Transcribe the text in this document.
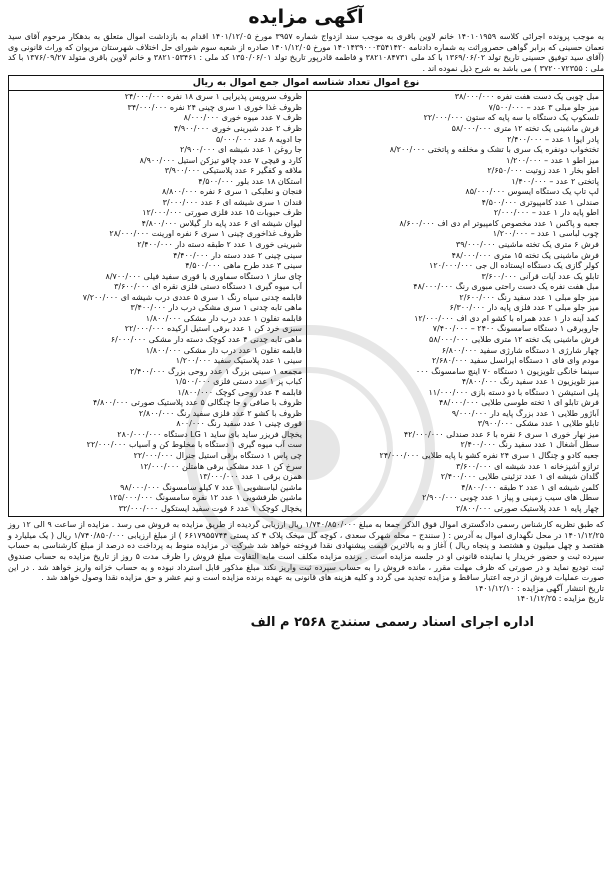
آگهی مزایده
به موجب پرونده اجرائی کلاسه ۱۴۰۱۰۱۹۵۹ خانم لاوین باقری به موجب سند ازدواج شماره ۳۹۵۷ مورخ ۱۴۰۱/۱۲/۰۵ اقدام به بازداشت اموال متعلق به بدهکار مرحوم آقای سید نعمان حسینی که برابر گواهی حصروراثت به شماره دادنامه ۱۴۰۱۴۳۹۰۰۰۳۵۴۱۴۲۰ مورخ ۱۴۰۱/۱۲/۰۵ صادره از شعبه سوم شورای حل اختلاف شهرستان مریوان که وراث قانونی وی (آقای سید توفیق حسینی تاریخ تولد ۱۳۶۹/۰۶/۰۲ با کد ملی ۳۸۲۱۰۸۴۷۳۱ و فاطمه قادرپور تاریخ تولد ۱۳۵۰/۰۶/۰۱ کد ملی : ۳۸۲۱۰۵۳۴۶۱ و خانم لاوین باقری متولد ۱۳۷۶/۰۹/۲۷ با کد ملی : ۳۷۲۰۰۷۲۳۵۵ ) می باشد به شرح ذیل نموده اند .
نوع اموال تعداد شناسه اموال جمع اموال به ریال
مبل چوبی یک دست هفت نفره ۳۸/۰۰۰/۰۰۰
میز جلو مبلی ۳ عدد – ۷/۵۰۰/۰۰۰
تلسکوپ یک دستگاه با سه پایه که ستون ۲۲/۰۰۰/۰۰۰
فرش ماشینی یک تخته ۱۲ متری ۵۸/۰۰۰/۰۰۰
پادر ایوا ۱ عدد – ۲/۴۰۰/۰۰۰
تختخواب دونفره یک سری با تشک و مخلفه و پاتختی ۸/۲۰۰/۰۰۰
میز اطو ۱ عدد – ۱/۲۰۰/۰۰۰
اطو بخار ۱ عدد زوتیت ۲/۶۵۰/۰۰۰
پاتختی ۲ عدد – ۱/۴۰۰/۰۰۰
لپ تاپ یک دستگاه ایسوس ۸۵/۰۰۰/۰۰۰
صندلی ۱ عدد کامپیوتری ۴/۵۰۰/۰۰۰
اطو پایه دار ۱ عدد – ۲/۰۰۰/۰۰۰
جعبه و پاکس ۱ عدد مخصوص کامپیوتر ام دی اف ۸/۶۰۰/۰۰۰
چوب لباسی ۱ عدد – ۱/۲۰۰/۰۰۰
فرش ۶ متری یک تخته ماشینی ۳۹/۰۰۰/۰۰۰
فرش ماشینی یک تخته ۱۵ متری ۴۸/۰۰۰/۰۰۰
کولر گازی یک دستگاه ایستاده ال جی ۱۲۰/۰۰۰/۰۰۰
تابلو یک عدد آیات قرآنی ۳/۶۰۰/۰۰۰
مبل هفت نفره یک دست راحتی مبوری رنگ ۴۸/۰۰۰/۰۰۰
میز جلو مبلی ۱ عدد سفید رنگ ۲/۶۰۰/۰۰۰
میز جلو مبلی ۲ عدد فلزی پایه دار ۶/۳۰۰/۰۰۰
کمد آینه دار ۱ عدد همراه با کشو ام دی اف ۱۲/۰۰۰/۰۰۰
جاروبرقی ۱ دستگاه سامسونگ ۲۴۰۰ – ۷/۴۰۰/۰۰۰
فرش ماشینی یک تخته ۱۲ متری طلایی ۵۸/۰۰۰/۰۰۰
چهار شارژی ۱ دستگاه شارژی سفید ۶/۸۰۰/۰۰۰
مودم وای فای ۱ دستگاه ایرانسل سفید ۲/۶۸۰/۰۰۰
سینما خانگی تلویزیون ۱ دستگاه ۷۰ اینچ سامسونگ ۰۰۰
میز تلویزیون ۱ عدد سفید رنگ ۴/۸۰۰/۰۰۰
پلی استیشن ۱ دستگاه با دو دسته بازی ۱۱/۰۰۰/۰۰۰
فرش تابلو ای ۱ تخته طوسی طلایی ۴۸/۰۰۰/۰۰۰
آباژور طلایی ۱ عدد بزرگ پایه دار ۹/۰۰۰/۰۰۰
تابلو طلایی ۱ عدد مشکی ۳/۹۰۰/۰۰۰
میز نهار خوری ۱ سری ۶ نفره با ۶ عدد صندلی ۴۲/۰۰۰/۰۰۰
سطل آشغال ۱ عدد سفید رنگ ۲/۴۰۰/۰۰۰
جعبه کادو و چنگال ۱ سری ۲۴ نفره کشو با پایه طلایی ۲۴/۰۰۰/۰۰۰
ترازو آشپزخانه ۱ عدد شیشه ای ۳/۶۰۰/۰۰۰
گلدان شیشه ای ۱ عدد تزئینی طلایی ۲/۴۰۰/۰۰۰
کلمن شیشه ای ۱ عدد ۲ طبقه ۴/۸۰۰/۰۰۰
سطل های سیب زمینی و پیاز ۱ عدد چوبی ۲/۹۰۰/۰۰۰
چهار پایه ۱ عدد پلاستیک صورتی ۲/۸۰۰/۰۰۰
ظروف سرویس پذیرایی ۱ سری ۱۸ نفره ۲۴/۰۰۰/۰۰۰
ظروف غذا خوری ۱ سری چینی ۲۴ نفره ۳۴/۰۰۰/۰۰۰
ظرف ۷ عدد میوه خوری ۸/۰۰۰/۰۰۰
ظرف ۲ عدد شیرینی خوری ۴/۹۰۰/۰۰۰
جا ادویه ۸ عدد ۵/۰۰۰/۰۰۰
جا روغن ۱ عدد شیشه ای ۲/۹۰۰/۰۰۰
کارد و قیچی ۷ عدد چاقو تیزکن استیل ۸/۹۰۰/۰۰۰
ملاقه و کفگیر ۶ عدد پلاستیکی ۳/۹۰۰/۰۰۰
استکان ۱۸ عدد بلور ۴/۵۰۰/۰۰۰
فنجان و نعلبکی ۱ سری ۶ نفره ۸/۸۰۰/۰۰۰
قندان ۱ سری شیشه ای ۶ عدد ۳/۰۰۰/۰۰۰
ظرف حبوبات ۱۵ عدد فلزی صورتی ۱۲/۰۰۰/۰۰۰
لیوان شیشه ای ۶ عدد پایه دار گیلاس ۴/۸۰۰/۰۰۰
ظروف غذاخوری چینی ۱ سری ۶ نفره اورینت ۲۸/۰۰۰/۰۰۰
شیرینی خوری ۱ عدد ۲ طبقه دسته دار ۲/۴۰۰/۰۰۰
سینی چینی ۲ عدد دسته دار ۴/۴۰۰/۰۰۰
سینی ۳ عدد طرح ماهی ۴/۵۰۰/۰۰۰
چای ساز ۱ دستگاه سماوری با قوری سفید فیلی ۸/۷۰۰/۰۰۰
آب میوه گیری ۱ دستگاه دستی فلزی نقره ای ۳/۶۰۰/۰۰۰
قابلمه چدنی سیاه رنگ ۱ سری ۵ عددی درب شیشه ای ۷/۲۰۰/۰۰۰
ماهی تابه چدنی ۱ سری مشکی درب دار ۳/۴۰۰/۰۰۰
قابلمه تفلون ۱ عدد درب دار مشکی ۱/۸۰۰/۰۰۰
سبزی خرد کن ۱ عدد برقی استیل ارکیده ۲۲/۰۰۰/۰۰۰
ماهی تابه چدنی ۴ عدد کوچک دسته دار مشکی ۶/۰۰۰/۰۰۰
قابلمه تفلون ۱ عدد درب دار مشکی ۱/۸۰۰/۰۰۰
سینی ۱ عدد پلاستیک سفید ۱/۲۰۰/۰۰۰
مجمعه ۱ سینی بزرگ ۱ عدد روحی بزرگ ۲/۴۰۰/۰۰۰
کباب پز ۱ عدد دستی فلزی ۱/۵۰۰/۰۰۰
قابلمه ۴ عدد روحی کوچک ۱/۸۰۰/۰۰۰
ظروف با صافی و جا چنگالی ۵ عدد پلاستیک صورتی ۴/۸۰۰/۰۰۰
ظروف با کشو ۲ عدد فلزی سفید رنگ ۲/۸۰۰/۰۰۰
قوری چینی ۱ عدد سفید رنگ ۸۰۰/۰۰۰
یخچال فریزر ساید بای ساید LG ۱ دستگاه ۲۸۰/۰۰۰/۰۰۰
ست آب میوه گیری ۱ دستگاه با مخلوط کن و آسیاب ۲۲/۰۰۰/۰۰۰
چی پاس ۱ دستگاه برقی استیل جنرال ۲۲/۰۰۰/۰۰۰
سرخ کن ۱ عدد مشکی برقی هامتلن ۱۲/۰۰۰/۰۰۰
همزن برقی ۱ عدد ۱۳/۰۰۰/۰۰۰
ماشین لباسشویی ۱ عدد ۷ کیلو سامسونگ ۹۸/۰۰۰/۰۰۰
ماشین ظرفشویی ۱ عدد ۱۲ نفره سامسونگ ۱۲۵/۰۰۰/۰۰۰
یخچال کوچک ۱ عدد ۶ فوت سفید ایستکول ۳۲/۰۰۰/۰۰۰
که طبق نظریه کارشناس رسمی دادگستری اموال فوق الذکر جمعا به مبلغ ۱/۷۴۰/۸۵۰/۰۰۰ ریال ارزیابی گردیده از طریق مزایده به فروش می رسد . مزایده از ساعت ۹ الی ۱۲ روز ۱۴۰۱/۱۲/۲۵ در محل نگهداری اموال به آدرس : ( سنندج – محله شهرک سعدی ، کوچه گل میخک پلاک ۴ کد پستی ۶۶۱۷۹۵۵۷۴۴ ) از مبلغ ارزیابی ۱/۷۴۰/۸۵۰/۰۰۰ ریال ( یک میلیارد و هفتصد و چهل میلیون و هشتصد و پنجاه ریال ) آغاز و به بالاترین قیمت پیشنهادی نقدا فروخته خواهد شد شرکت در مزایده منوط به پرداخت ده درصد از مبلغ کارشناسی به حساب سپرده ثبت و حضور خریدار یا نماینده قانونی او در جلسه مزایده است . برنده مزایده مکلف است مابه التفاوت مبلغ فروش را ظرف مدت ۵ روز از تاریخ مزایده به حساب صندوق ثبت تودیع نماید و در صورتی که ظرف مهلت مقرر ، مانده فروش را به حساب سپرده ثبت واریز نکند مبلغ مذکور قابل استرداد نبوده و به حساب خزانه واریز خواهد شد . در این صورت عملیات فروش از درجه اعتبار ساقط و مزایده تجدید می گردد و کلیه هزینه های قانونی به عهده برنده مزایده است و نیم عشر و حق مزایده نقدا وصول خواهد شد .
تاریخ انتشار آگهی مزایده : ۱۴۰۱/۱۲/۱۰
تاریخ مزایده : ۱۴۰۱/۱۲/۲۵
اداره اجرای اسناد رسمی سنندج ۲۵۶۸ م الف
